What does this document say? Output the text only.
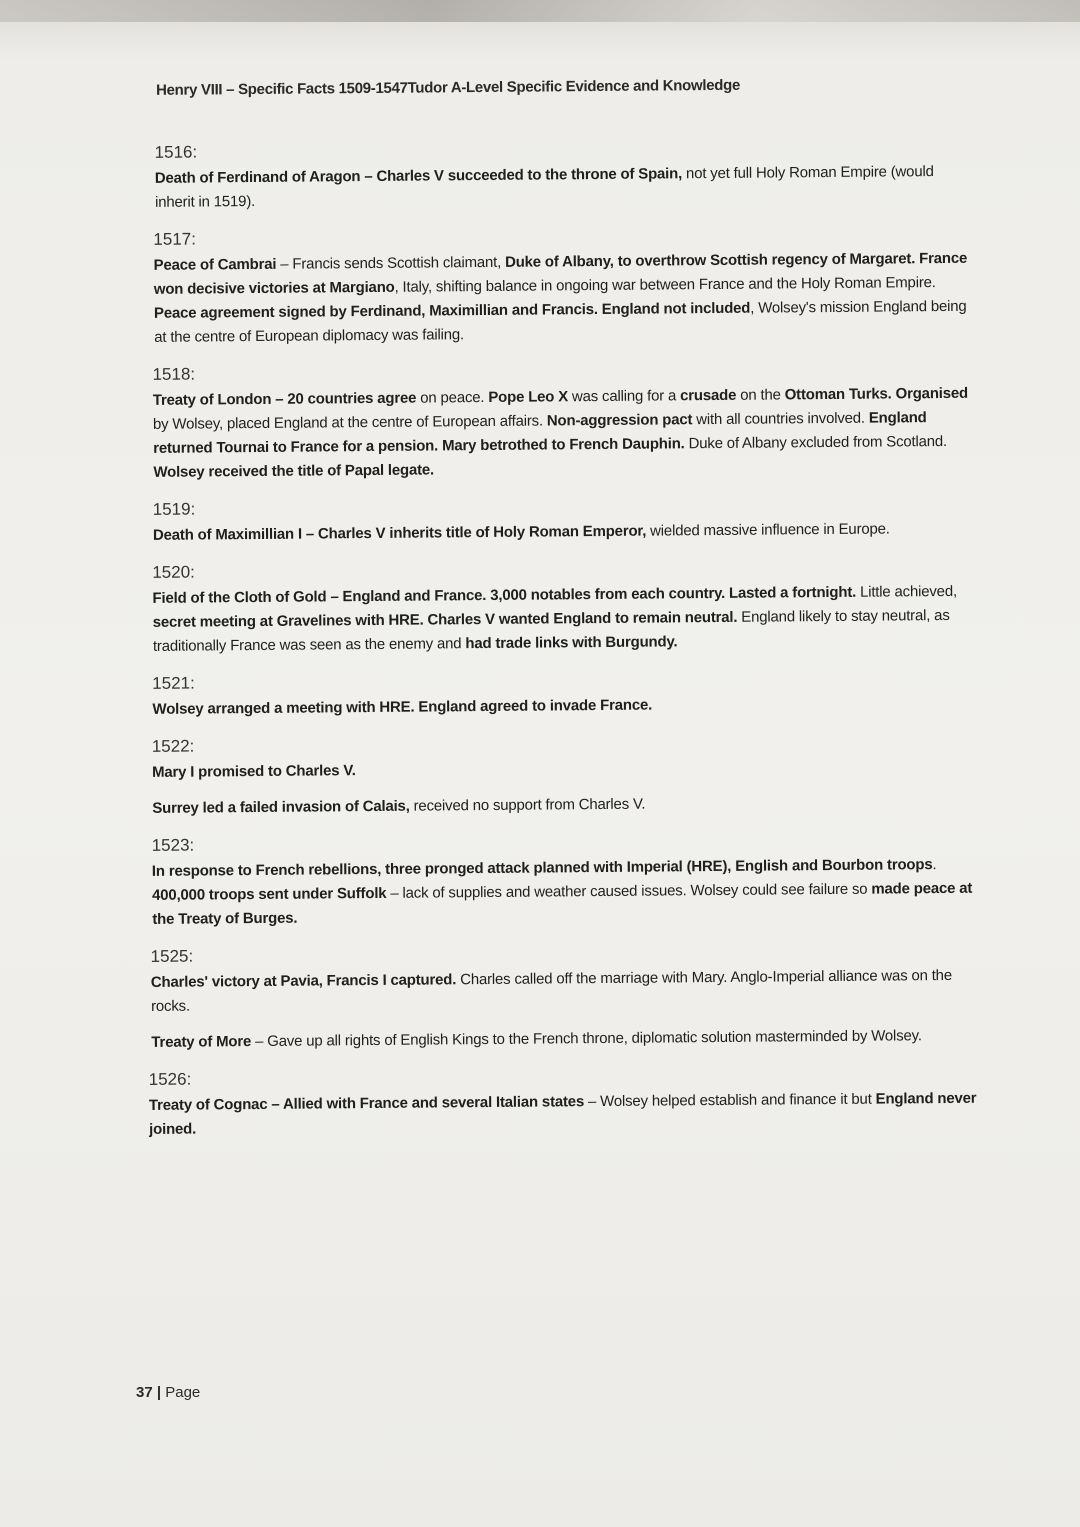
Henry VIII – Specific Facts 1509-1547Tudor A-Level Specific Evidence and Knowledge
1516:
Death of Ferdinand of Aragon – Charles V succeeded to the throne of Spain, not yet full Holy Roman Empire (would inherit in 1519).
1517:
Peace of Cambrai – Francis sends Scottish claimant, Duke of Albany, to overthrow Scottish regency of Margaret. France won decisive victories at Margiano, Italy, shifting balance in ongoing war between France and the Holy Roman Empire. Peace agreement signed by Ferdinand, Maximillian and Francis. England not included, Wolsey's mission England being at the centre of European diplomacy was failing.
1518:
Treaty of London – 20 countries agree on peace. Pope Leo X was calling for a crusade on the Ottoman Turks. Organised by Wolsey, placed England at the centre of European affairs. Non-aggression pact with all countries involved. England returned Tournai to France for a pension. Mary betrothed to French Dauphin. Duke of Albany excluded from Scotland. Wolsey received the title of Papal legate.
1519:
Death of Maximillian I – Charles V inherits title of Holy Roman Emperor, wielded massive influence in Europe.
1520:
Field of the Cloth of Gold – England and France. 3,000 notables from each country. Lasted a fortnight. Little achieved, secret meeting at Gravelines with HRE. Charles V wanted England to remain neutral. England likely to stay neutral, as traditionally France was seen as the enemy and had trade links with Burgundy.
1521:
Wolsey arranged a meeting with HRE. England agreed to invade France.
1522:
Mary I promised to Charles V.
Surrey led a failed invasion of Calais, received no support from Charles V.
1523:
In response to French rebellions, three pronged attack planned with Imperial (HRE), English and Bourbon troops. 400,000 troops sent under Suffolk – lack of supplies and weather caused issues. Wolsey could see failure so made peace at the Treaty of Burges.
1525:
Charles' victory at Pavia, Francis I captured. Charles called off the marriage with Mary. Anglo-Imperial alliance was on the rocks.
Treaty of More – Gave up all rights of English Kings to the French throne, diplomatic solution masterminded by Wolsey.
1526:
Treaty of Cognac – Allied with France and several Italian states – Wolsey helped establish and finance it but England never joined.
37 | Page
